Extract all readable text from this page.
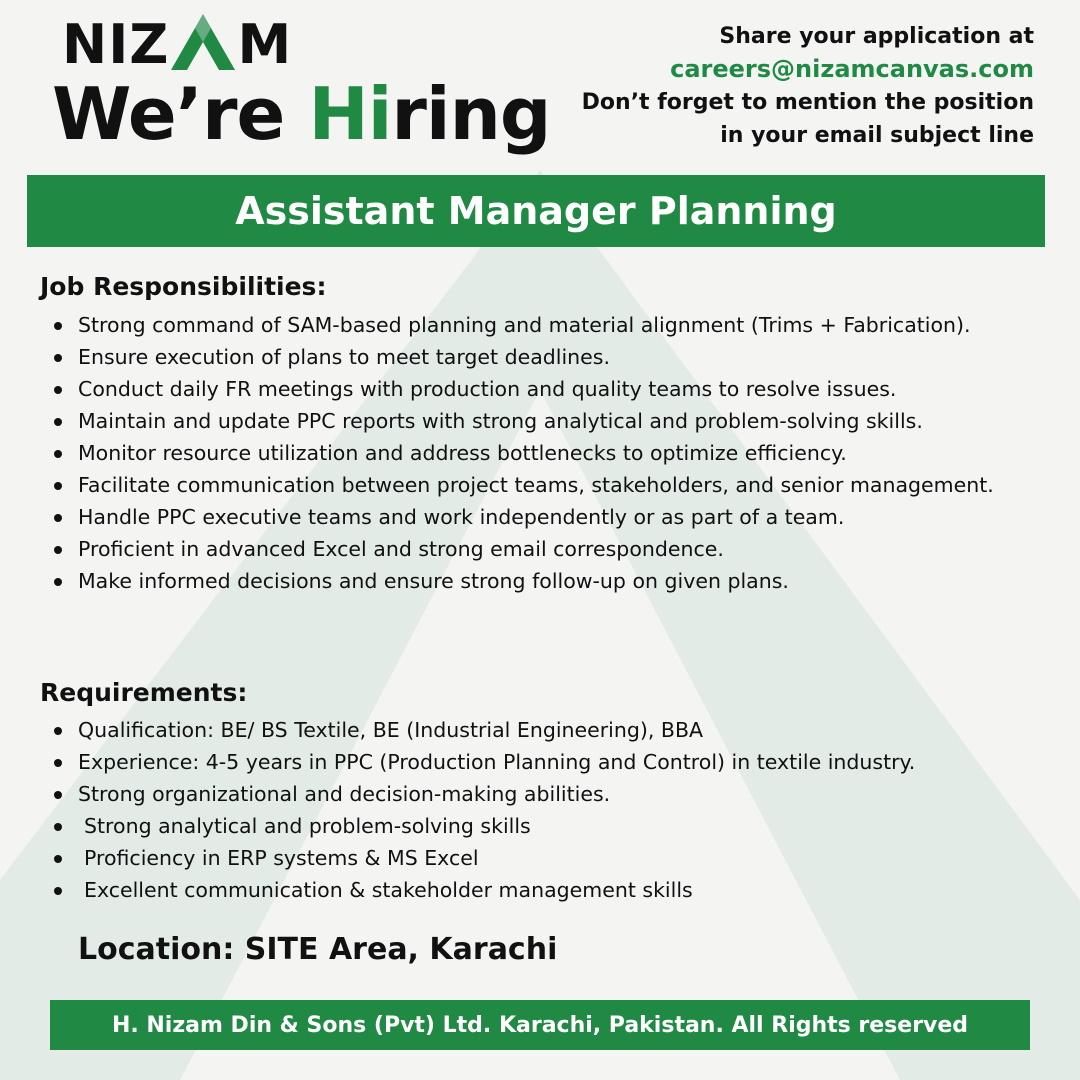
NIZ M
We’re Hiring
Share your application at
careers@nizamcanvas.com
Don’t forget to mention the position
in your email subject line
Assistant Manager Planning
Job Responsibilities:
Strong command of SAM-based planning and material alignment (Trims + Fabrication).
Ensure execution of plans to meet target deadlines.
Conduct daily FR meetings with production and quality teams to resolve issues.
Maintain and update PPC reports with strong analytical and problem-solving skills.
Monitor resource utilization and address bottlenecks to optimize efficiency.
Facilitate communication between project teams, stakeholders, and senior management.
Handle PPC executive teams and work independently or as part of a team.
Proficient in advanced Excel and strong email correspondence.
Make informed decisions and ensure strong follow-up on given plans.
Requirements:
Qualification: BE/ BS Textile, BE (Industrial Engineering), BBA
Experience: 4-5 years in PPC (Production Planning and Control) in textile industry.
Strong organizational and decision-making abilities.
Strong analytical and problem-solving skills
Proficiency in ERP systems & MS Excel
Excellent communication & stakeholder management skills
Location: SITE Area, Karachi
H. Nizam Din & Sons (Pvt) Ltd. Karachi, Pakistan. All Rights reserved
